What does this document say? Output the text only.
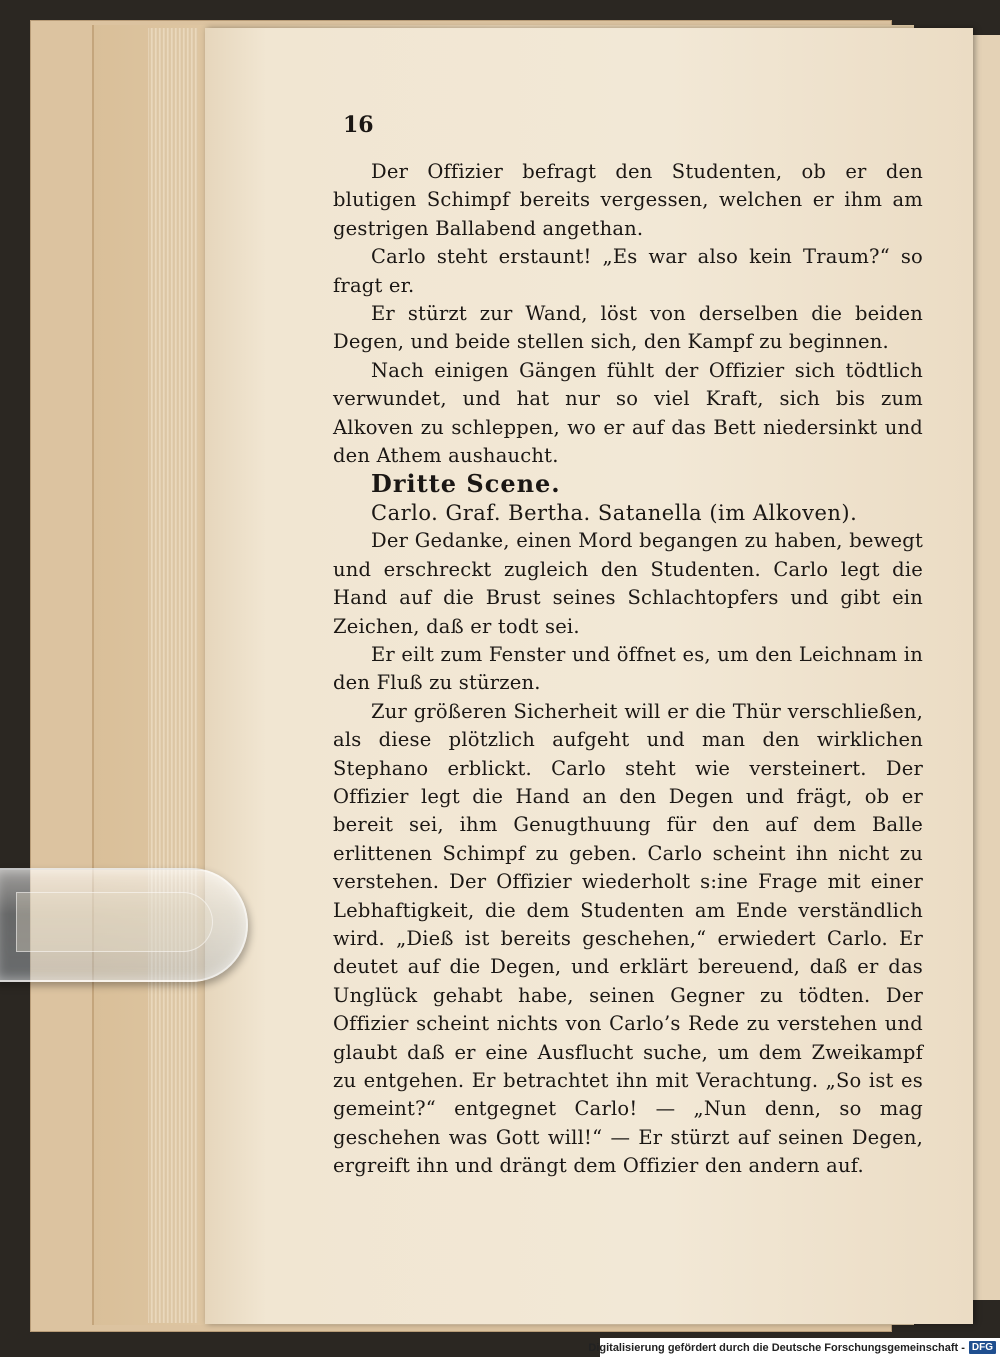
16

Der Offizier befragt den Studenten, ob er den blutigen Schimpf bereits vergessen, welchen er ihm am gestrigen Ballabend angethan.

Carlo steht erstaunt! „Es war also kein Traum?“ so fragt er.

Er stürzt zur Wand, löst von derselben die beiden Degen, und beide stellen sich, den Kampf zu beginnen.

Nach einigen Gängen fühlt der Offizier sich tödtlich verwundet, und hat nur so viel Kraft, sich bis zum Alkoven zu schleppen, wo er auf das Bett niedersinkt und den Athem aushaucht.

Dritte Scene.

Carlo. Graf. Bertha. Satanella (im Alkoven).

Der Gedanke, einen Mord begangen zu haben, bewegt und erschreckt zugleich den Studenten. Carlo legt die Hand auf die Brust seines Schlachtopfers und gibt ein Zeichen, daß er todt sei.

Er eilt zum Fenster und öffnet es, um den Leichnam in den Fluß zu stürzen.

Zur größeren Sicherheit will er die Thür verschließen, als diese plötzlich aufgeht und man den wirklichen Stephano erblickt. Carlo steht wie versteinert. Der Offizier legt die Hand an den Degen und frägt, ob er bereit sei, ihm Genugthuung für den auf dem Balle erlittenen Schimpf zu geben. Carlo scheint ihn nicht zu verstehen. Der Offizier wiederholt s:ine Frage mit einer Lebhaftigkeit, die dem Studenten am Ende verständlich wird. „Dieß ist bereits geschehen,“ erwiedert Carlo. Er deutet auf die Degen, und erklärt bereuend, daß er das Unglück gehabt habe, seinen Gegner zu tödten. Der Offizier scheint nichts von Carlo’s Rede zu verstehen und glaubt daß er eine Ausflucht suche, um dem Zweikampf zu entgehen. Er betrachtet ihn mit Verachtung. „So ist es gemeint?“ entgegnet Carlo! — „Nun denn, so mag geschehen was Gott will!“ — Er stürzt auf seinen Degen, ergreift ihn und drängt dem Offizier den andern auf.

Digitalisierung gefördert durch die Deutsche Forschungsgemeinschaft - DFG
